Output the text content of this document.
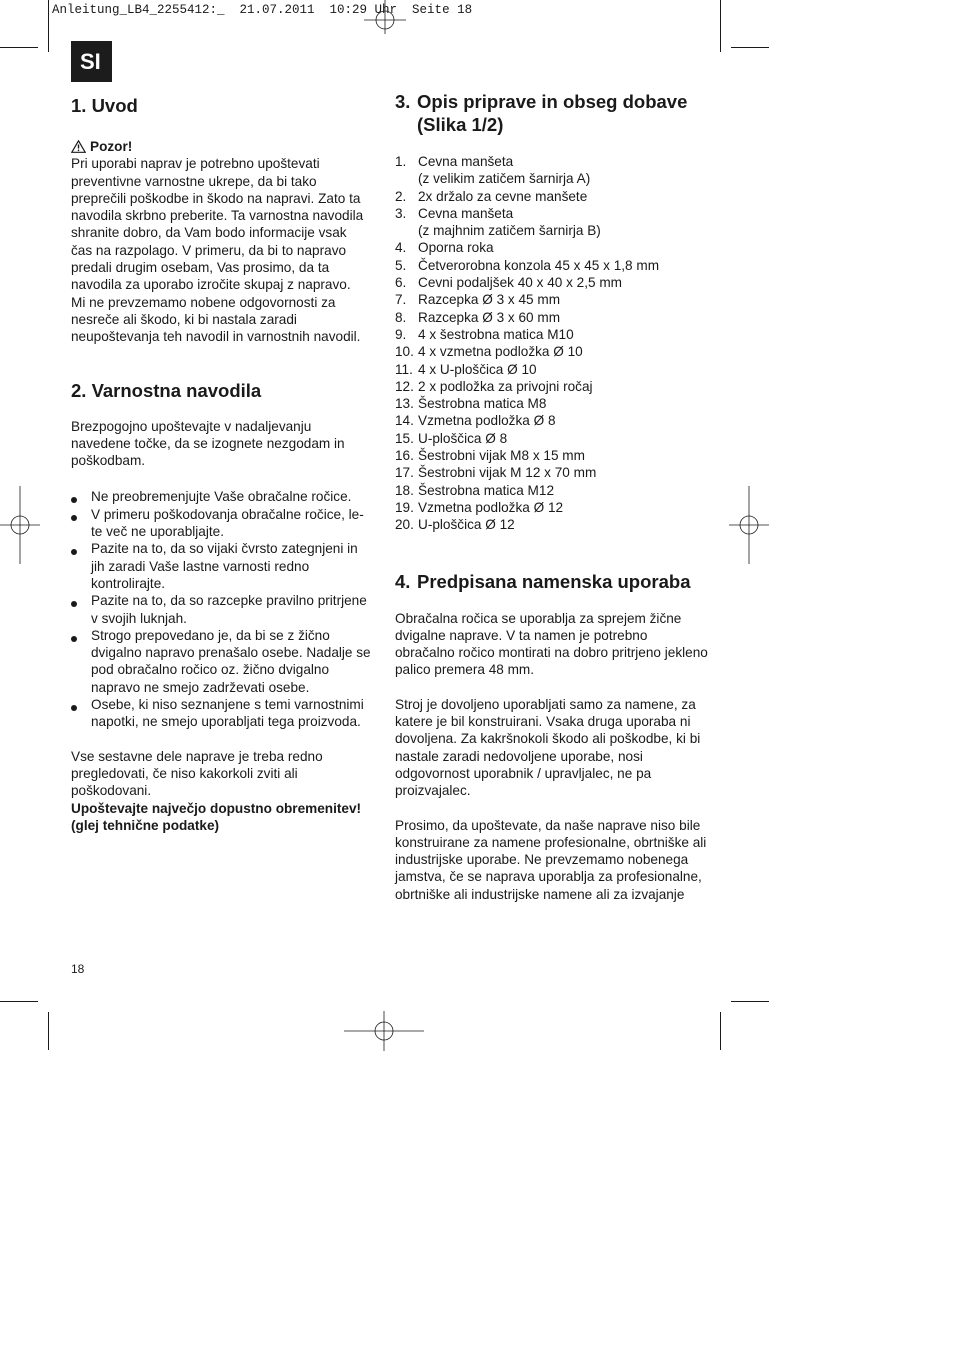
Anleitung_LB4_2255412:_  21.07.2011  10:29 Uhr  Seite 18
SI
1. Uvod
Pozor!

Pri uporabi naprav je potrebno upoštevati preventivne varnostne ukrepe, da bi tako preprečili poškodbe in škodo na napravi. Zato ta navodila skrbno preberite. Ta varnostna navodila shranite dobro, da Vam bodo informacije vsak čas na razpolago. V primeru, da bi to napravo predali drugim osebam, Vas prosimo, da ta navodila za uporabo izročite skupaj z napravo.

Mi ne prevzemamo nobene odgovornosti za nesreče ali škodo, ki bi nastala zaradi neupoštevanja teh navodil in varnostnih navodil.

2. Varnostna navodila

Brezpogojno upoštevajte v nadaljevanju navedene točke, da se izognete nezgodam in poškodbam.

Ne preobremenjujte Vaše obračalne ročice.
V primeru poškodovanja obračalne ročice, le-te več ne uporabljajte.
Pazite na to, da so vijaki čvrsto zategnjeni in jih zaradi Vaše lastne varnosti redno kontrolirajte.
Pazite na to, da so razcepke pravilno pritrjene v svojih luknjah.
Strogo prepovedano je, da bi se z žično dvigalno napravo prenašalo osebe. Nadalje se pod obračalno ročico oz. žično dvigalno napravo ne smejo zadrževati osebe.
Osebe, ki niso seznanjene s temi varnostnimi napotki, ne smejo uporabljati tega proizvoda.

Vse sestavne dele naprave je treba redno pregledovati, če niso kakorkoli zviti ali poškodovani.

Upoštevajte največjo dopustno obremenitev! (glej tehnične podatke)

3. Opis priprave in obseg dobave (Slika 1/2)
1. Cevna manšeta
(z velikim zatičem šarnirja A)
2. 2x držalo za cevne manšete
3. Cevna manšeta
(z majhnim zatičem šarnirja B)
4. Oporna roka
5. Četverorobna konzola 45 x 45 x 1,8 mm
6. Cevni podaljšek 40 x 40 x 2,5 mm
7. Razcepka Ø 3 x 45 mm
8. Razcepka Ø 3 x 60 mm
9. 4 x šestrobna matica M10
10. 4 x vzmetna podložka Ø 10
11. 4 x U-ploščica Ø 10
12. 2 x podložka za privojni ročaj
13. Šestrobna matica M8
14. Vzmetna podložka Ø 8
15. U-ploščica Ø 8
16. Šestrobni vijak M8 x 15 mm
17. Šestrobni vijak M 12 x 70 mm
18. Šestrobna matica M12
19. Vzmetna podložka Ø 12
20. U-ploščica Ø 12
4. Predpisana namenska uporaba

Obračalna ročica se uporablja za sprejem žične dvigalne naprave. V ta namen je potrebno obračalno ročico montirati na dobro pritrjeno jekleno palico premera 48 mm.

Stroj je dovoljeno uporabljati samo za namene, za katere je bil konstruirani. Vsaka druga uporaba ni dovoljena. Za kakršnokoli škodo ali poškodbe, ki bi nastale zaradi nedovoljene uporabe, nosi odgovornost uporabnik / upravljalec, ne pa proizvajalec.

Prosimo, da upoštevate, da naše naprave niso bile konstruirane za namene profesionalne, obrtniške ali industrijske uporabe. Ne prevzemamo nobenega jamstva, če se naprava uporablja za profesionalne, obrtniške ali industrijske namene ali za izvajanje

18
